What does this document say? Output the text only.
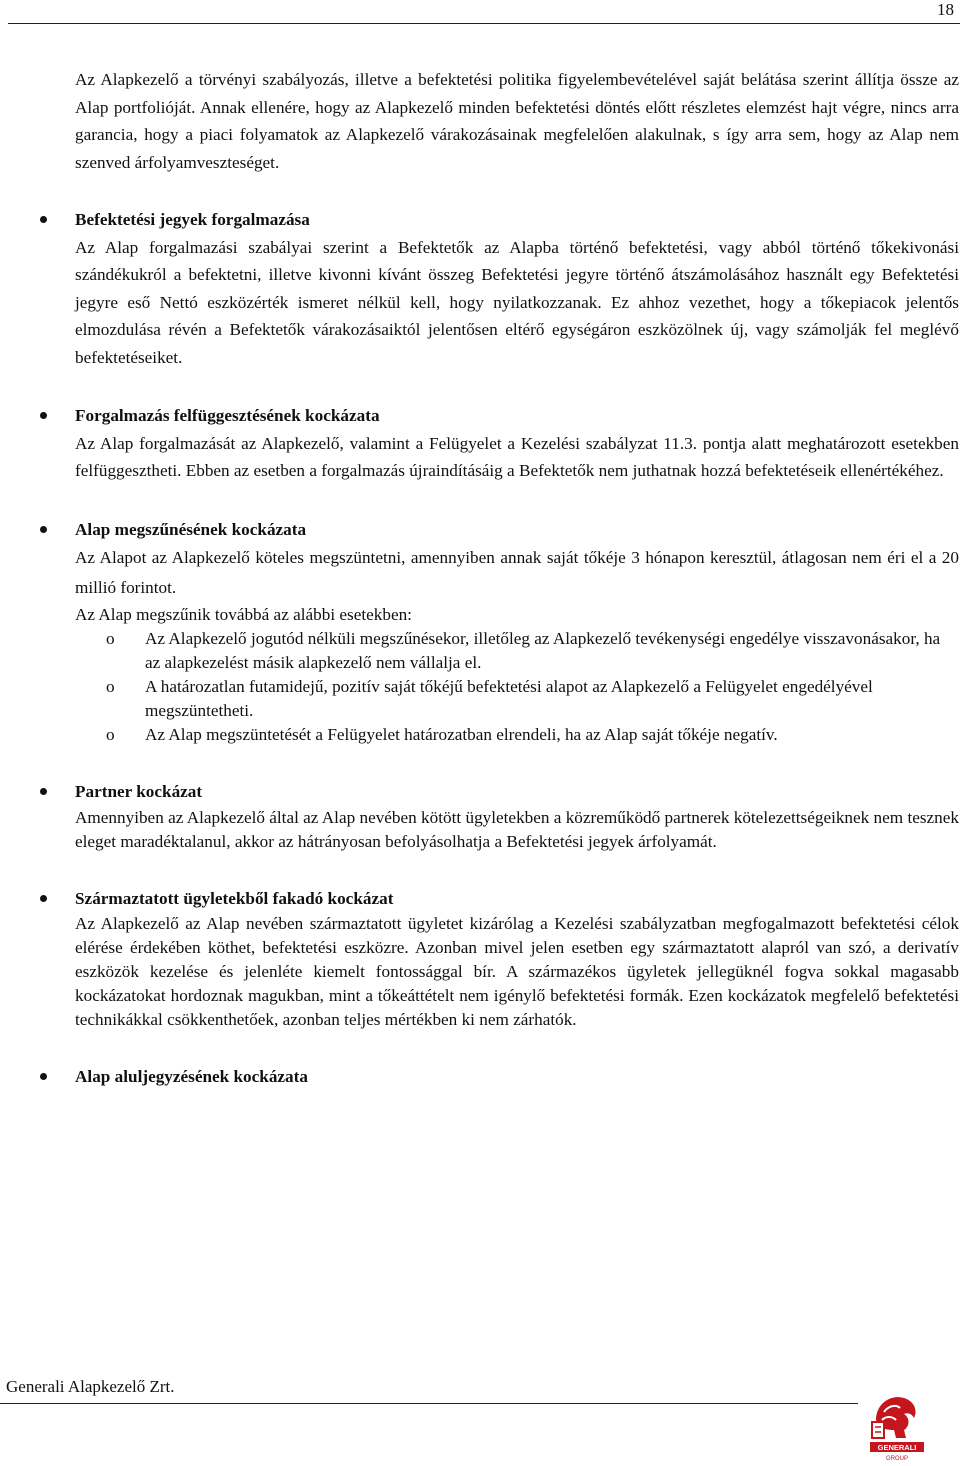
18

Az Alapkezelő a törvényi szabályozás, illetve a befektetési politika figyelembevételével saját belátása szerint állítja össze az Alap portfolióját. Annak ellenére, hogy az Alapkezelő minden befektetési döntés előtt részletes elemzést hajt végre, nincs arra garancia, hogy a piaci folyamatok az Alapkezelő várakozásainak megfelelően alakulnak, s így arra sem, hogy az Alap nem szenved árfolyamveszteséget.

Befektetési jegyek forgalmazása

Az Alap forgalmazási szabályai szerint a Befektetők az Alapba történő befektetési, vagy abból történő tőkekivonási szándékukról a befektetni, illetve kivonni kívánt összeg Befektetési jegyre történő átszámolásához használt egy Befektetési jegyre eső Nettó eszközérték ismeret nélkül kell, hogy nyilatkozzanak. Ez ahhoz vezethet, hogy a tőkepiacok jelentős elmozdulása révén a Befektetők várakozásaiktól jelentősen eltérő egységáron eszközölnek új, vagy számolják fel meglévő befektetéseiket.

Forgalmazás felfüggesztésének kockázata

Az Alap forgalmazását az Alapkezelő, valamint a Felügyelet a Kezelési szabályzat 11.3. pontja alatt meghatározott esetekben felfüggesztheti. Ebben az esetben a forgalmazás újraindításáig a Befektetők nem juthatnak hozzá befektetéseik ellenértékéhez.

Alap megszűnésének kockázata

Az Alapot az Alapkezelő köteles megszüntetni, amennyiben annak saját tőkéje 3 hónapon keresztül, átlagosan nem éri el a 20 millió forintot.

Az Alap megszűnik továbbá az alábbi esetekben:

o Az Alapkezelő jogutód nélküli megszűnésekor, illetőleg az Alapkezelő tevékenységi engedélye visszavonásakor, ha az alapkezelést másik alapkezelő nem vállalja el.
o A határozatlan futamidejű, pozitív saját tőkéjű befektetési alapot az Alapkezelő a Felügyelet engedélyével megszüntetheti.
o Az Alap megszüntetését a Felügyelet határozatban elrendeli, ha az Alap saját tőkéje negatív.

Partner kockázat

Amennyiben az Alapkezelő által az Alap nevében kötött ügyletekben a közreműködő partnerek kötelezettségeiknek nem tesznek eleget maradéktalanul, akkor az hátrányosan befolyásolhatja a Befektetési jegyek árfolyamát.

Származtatott ügyletekből fakadó kockázat

Az Alapkezelő az Alap nevében származtatott ügyletet kizárólag a Kezelési szabályzatban megfogalmazott befektetési célok elérése érdekében köthet, befektetési eszközre. Azonban mivel jelen esetben egy származtatott alapról van szó, a derivatív eszközök kezelése és jelenléte kiemelt fontossággal bír. A származékos ügyletek jellegüknél fogva sokkal magasabb kockázatokat hordoznak magukban, mint a tőkeáttételt nem igénylő befektetési formák. Ezen kockázatok megfelelő befektetési technikákkal csökkenthetőek, azonban teljes mértékben ki nem zárhatók.

Alap aluljegyzésének kockázata

Generali Alapkezelő Zrt.
GENERALI
GROUP
